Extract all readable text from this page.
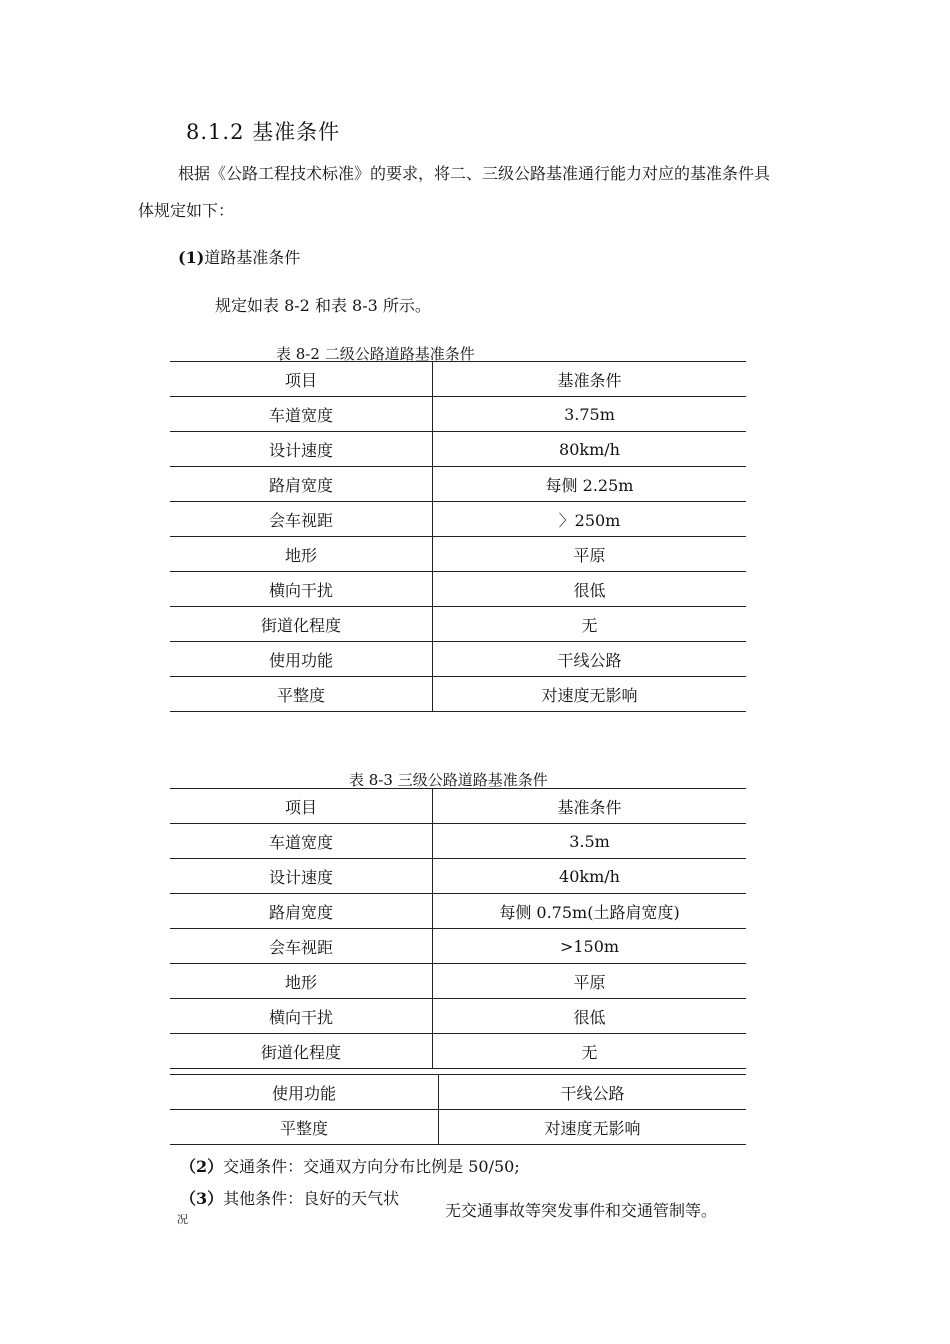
8.1.2 基准条件
根据《公路工程技术标准》的要求，将二、三级公路基准通行能力对应的基准条件具
体规定如下：
(1)道路基准条件
规定如表 8-2 和表 8-3 所示。
表 8-2 二级公路道路基准条件
项目	基准条件
车道宽度	3.75m
设计速度	80km/h
路肩宽度	每侧 2.25m
会车视距	〉250m
地形	平原
横向干扰	很低
街道化程度	无
使用功能	干线公路
平整度	对速度无影响
表 8-3 三级公路道路基准条件
项目	基准条件
车道宽度	3.5m
设计速度	40km/h
路肩宽度	每侧 0.75m(土路肩宽度)
会车视距	>150m
地形	平原
横向干扰	很低
街道化程度	无
使用功能	干线公路
平整度	对速度无影响
（2）交通条件：交通双方向分布比例是 50/50;
（3）其他条件：良好的天气状
况	无交通事故等突发事件和交通管制等。
